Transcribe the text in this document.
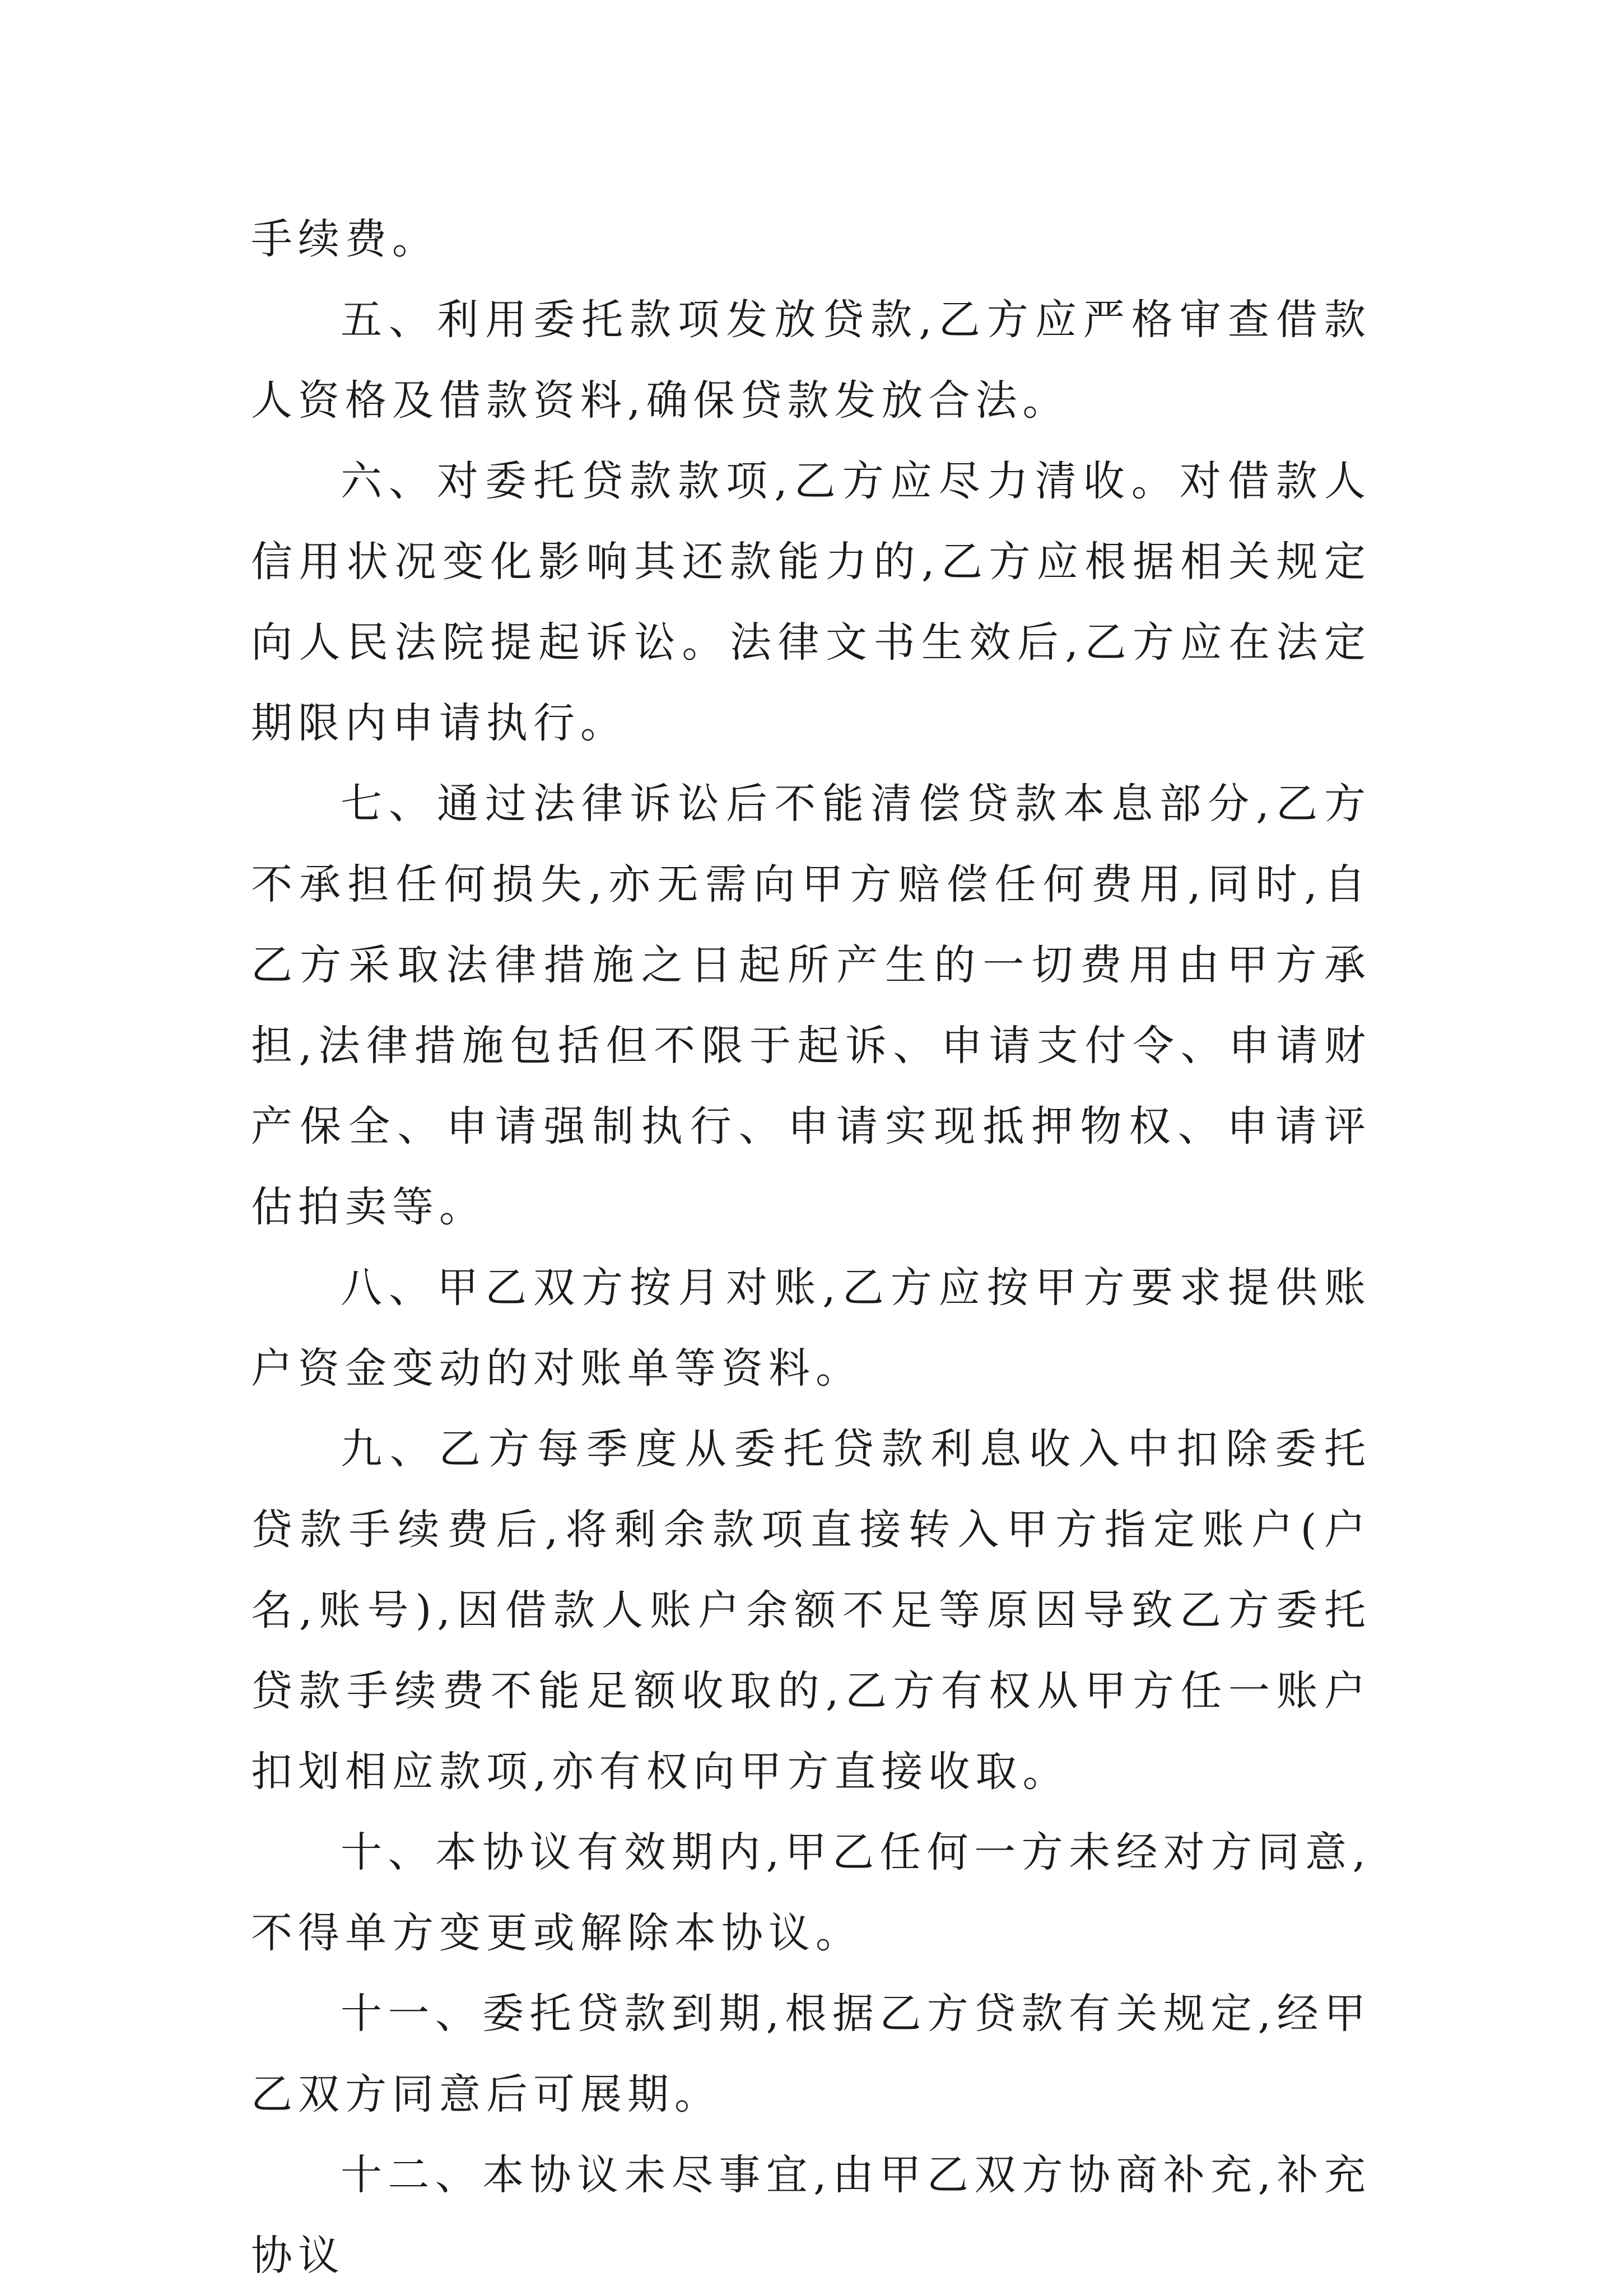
手续费。

五、利用委托款项发放贷款,乙方应严格审查借款人资格及借款资料,确保贷款发放合法。

六、对委托贷款款项,乙方应尽力清收。对借款人信用状况变化影响其还款能力的,乙方应根据相关规定向人民法院提起诉讼。法律文书生效后,乙方应在法定期限内申请执行。

七、通过法律诉讼后不能清偿贷款本息部分,乙方不承担任何损失,亦无需向甲方赔偿任何费用,同时,自乙方采取法律措施之日起所产生的一切费用由甲方承担,法律措施包括但不限于起诉、申请支付令、申请财产保全、申请强制执行、申请实现抵押物权、申请评估拍卖等。

八、甲乙双方按月对账,乙方应按甲方要求提供账户资金变动的对账单等资料。

九、乙方每季度从委托贷款利息收入中扣除委托贷款手续费后,将剩余款项直接转入甲方指定账户(户名,账号),因借款人账户余额不足等原因导致乙方委托贷款手续费不能足额收取的,乙方有权从甲方任一账户扣划相应款项,亦有权向甲方直接收取。

十、本协议有效期内,甲乙任何一方未经对方同意,不得单方变更或解除本协议。

十一、委托贷款到期,根据乙方贷款有关规定,经甲乙双方同意后可展期。

十二、本协议未尽事宜,由甲乙双方协商补充,补充协议
